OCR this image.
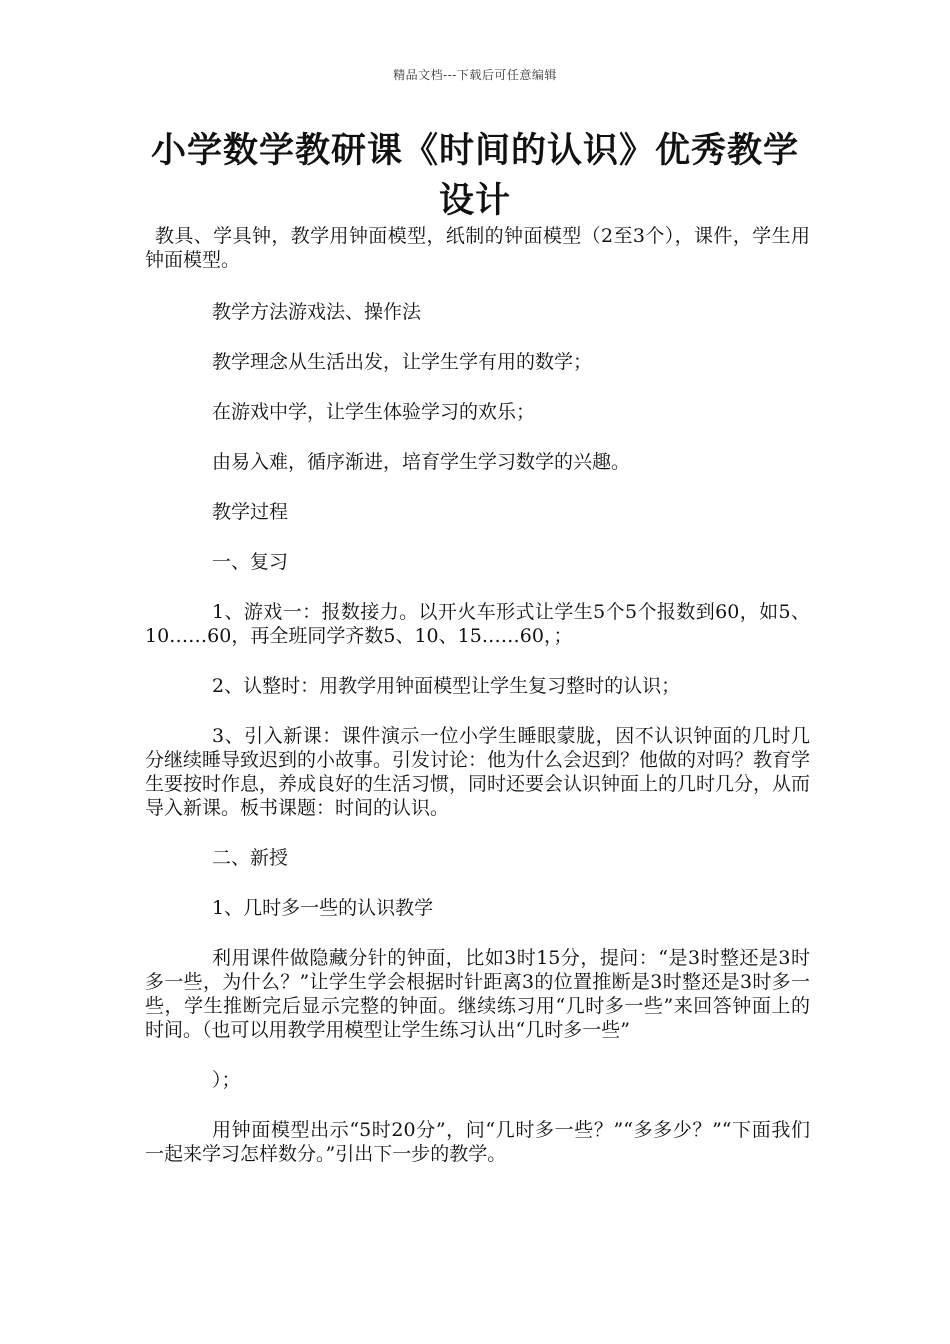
精品文档---下载后可任意编辑
小学数学教研课《时间的认识》优秀教学设计

教具、学具钟，教学用钟面模型，纸制的钟面模型（2至3个），课件，学生用钟面模型。

教学方法游戏法、操作法

教学理念从生活出发，让学生学有用的数学；

在游戏中学，让学生体验学习的欢乐；

由易入难，循序渐进，培育学生学习数学的兴趣。

教学过程

一、复习

1、游戏一：报数接力。以开火车形式让学生5个5个报数到60，如5、10……60，再全班同学齐数5、10、15……60，；

2、认整时：用教学用钟面模型让学生复习整时的认识；

3、引入新课：课件演示一位小学生睡眼蒙胧，因不认识钟面的几时几分继续睡导致迟到的小故事。引发讨论：他为什么会迟到？他做的对吗？教育学生要按时作息，养成良好的生活习惯，同时还要会认识钟面上的几时几分，从而导入新课。板书课题：时间的认识。

二、新授

1、几时多一些的认识教学

利用课件做隐藏分针的钟面，比如3时15分，提问：“是3时整还是3时多一些，为什么？”让学生学会根据时针距离3的位置推断是3时整还是3时多一些，学生推断完后显示完整的钟面。继续练习用“几时多一些”来回答钟面上的时间。（也可以用教学用模型让学生练习认出“几时多一些”

）；

用钟面模型出示“5时20分”，问“几时多一些？”“多多少？”“下面我们一起来学习怎样数分。”引出下一步的教学。
